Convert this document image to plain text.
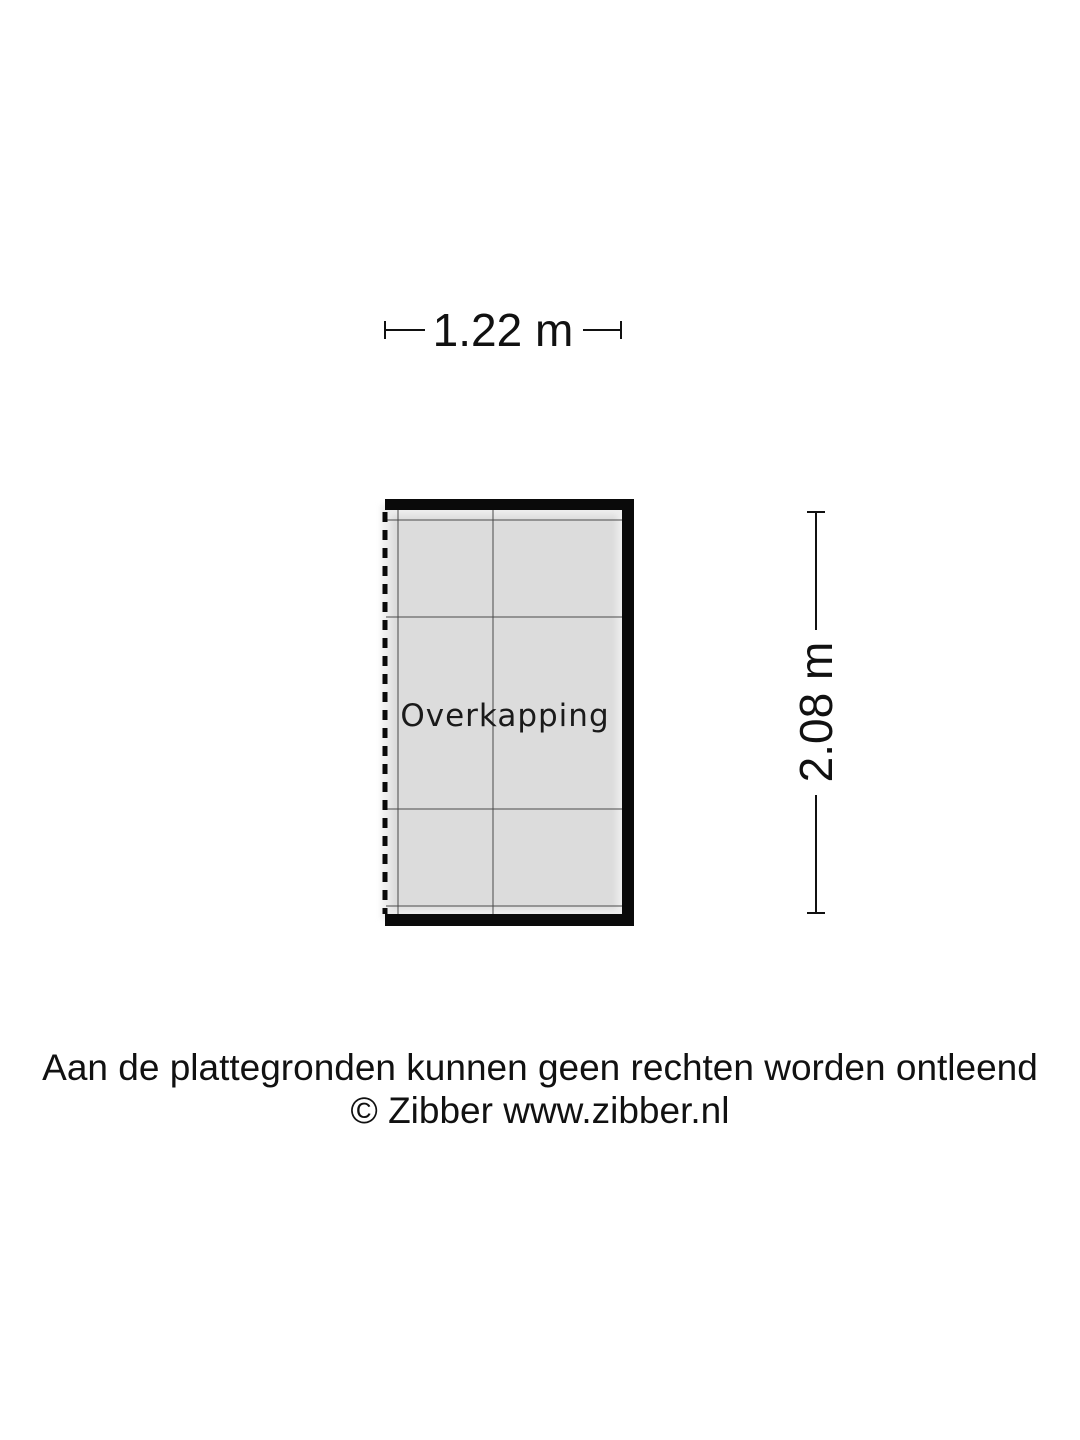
1.22 m
2.08 m
Overkapping
Aan de plattegronden kunnen geen rechten worden ontleend
© Zibber www.zibber.nl
